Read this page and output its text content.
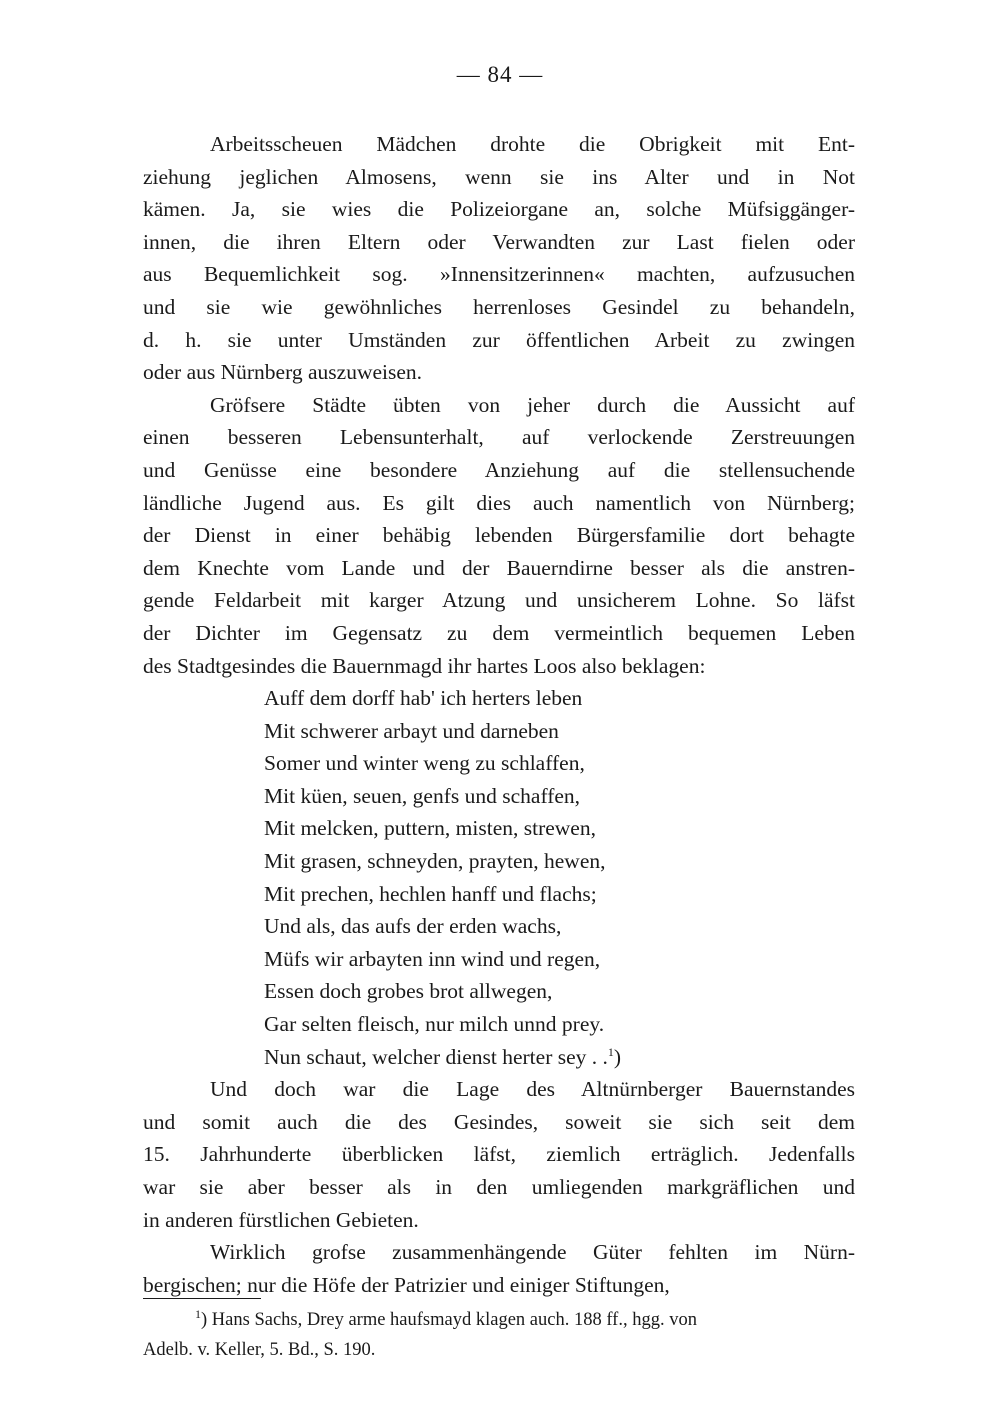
— 84 —

Arbeitsscheuen Mädchen drohte die Obrigkeit mit Ent-

ziehung jeglichen Almosens, wenn sie ins Alter und in Not

kämen. Ja, sie wies die Polizeiorgane an, solche Müfsiggänger-

innen, die ihren Eltern oder Verwandten zur Last fielen oder

aus Bequemlichkeit sog. »Innensitzerinnen« machten, aufzusuchen

und sie wie gewöhnliches herrenloses Gesindel zu behandeln,

d. h. sie unter Umständen zur öffentlichen Arbeit zu zwingen

oder aus Nürnberg auszuweisen.

Gröfsere Städte übten von jeher durch die Aussicht auf

einen besseren Lebensunterhalt, auf verlockende Zerstreuungen

und Genüsse eine besondere Anziehung auf die stellensuchende

ländliche Jugend aus. Es gilt dies auch namentlich von Nürnberg;

der Dienst in einer behäbig lebenden Bürgersfamilie dort behagte

dem Knechte vom Lande und der Bauerndirne besser als die anstren-

gende Feldarbeit mit karger Atzung und unsicherem Lohne. So läfst

der Dichter im Gegensatz zu dem vermeintlich bequemen Leben

des Stadtgesindes die Bauernmagd ihr hartes Loos also beklagen:

Auff dem dorff hab' ich herters leben
Mit schwerer arbayt und darneben
Somer und winter weng zu schlaffen,
Mit küen, seuen, genfs und schaffen,
Mit melcken, puttern, misten, strewen,
Mit grasen, schneyden, prayten, hewen,
Mit prechen, hechlen hanff und flachs;
Und als, das aufs der erden wachs,
Müfs wir arbayten inn wind und regen,
Essen doch grobes brot allwegen,
Gar selten fleisch, nur milch unnd prey.
Nun schaut, welcher dienst herter sey . .$^1$)

Und doch war die Lage des Altnürnberger Bauernstandes

und somit auch die des Gesindes, soweit sie sich seit dem

15. Jahrhunderte überblicken läfst, ziemlich erträglich. Jedenfalls

war sie aber besser als in den umliegenden markgräflichen und

in anderen fürstlichen Gebieten.

Wirklich grofse zusammenhängende Güter fehlten im Nürn-

bergischen; nur die Höfe der Patrizier und einiger Stiftungen,

$^1$) Hans Sachs, Drey arme haufsmayd klagen auch. 188 ff., hgg. von
Adelb. v. Keller, 5. Bd., S. 190.
